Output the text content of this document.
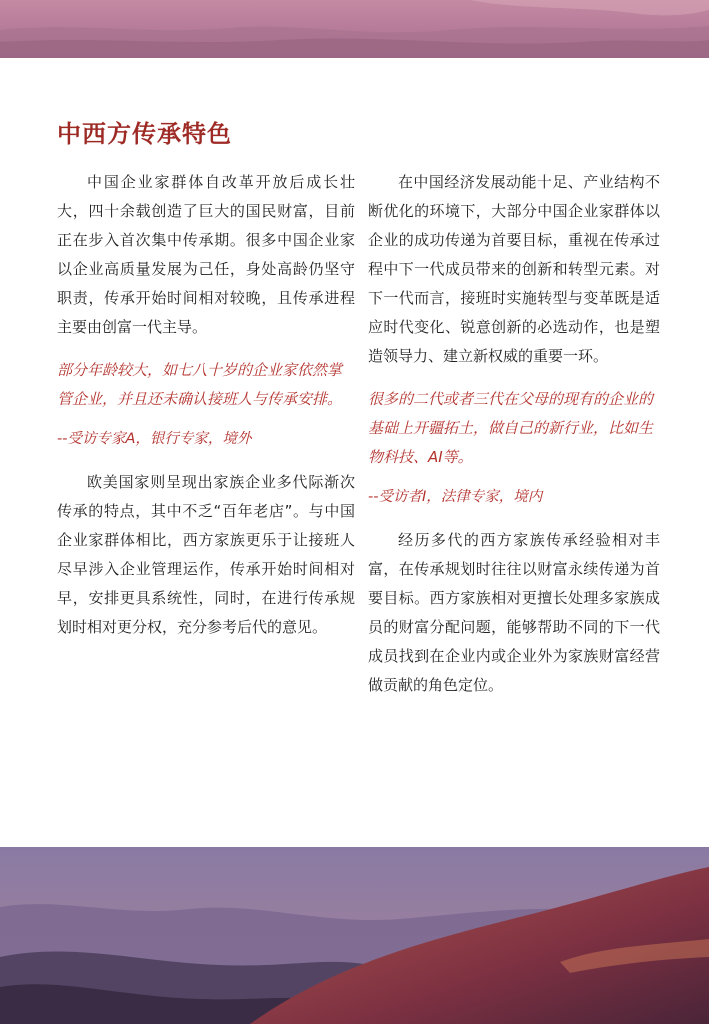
中西方传承特色

中国企业家群体自改革开放后成长壮大，四十余载创造了巨大的国民财富，目前正在步入首次集中传承期。很多中国企业家以企业高质量发展为己任，身处高龄仍坚守职责，传承开始时间相对较晚，且传承进程主要由创富一代主导。

部分年龄较大，如七八十岁的企业家依然掌管企业，并且还未确认接班人与传承安排。

--受访专家A，银行专家，境外

欧美国家则呈现出家族企业多代际渐次传承的特点，其中不乏“百年老店”。与中国企业家群体相比，西方家族更乐于让接班人尽早涉入企业管理运作，传承开始时间相对早，安排更具系统性，同时，在进行传承规划时相对更分权，充分参考后代的意见。

在中国经济发展动能十足、产业结构不断优化的环境下，大部分中国企业家群体以企业的成功传递为首要目标，重视在传承过程中下一代成员带来的创新和转型元素。对下一代而言，接班时实施转型与变革既是适应时代变化、锐意创新的必选动作，也是塑造领导力、建立新权威的重要一环。

很多的二代或者三代在父母的现有的企业的基础上开疆拓土，做自己的新行业，比如生物科技、AI等。

--受访者I，法律专家，境内

经历多代的西方家族传承经验相对丰富，在传承规划时往往以财富永续传递为首要目标。西方家族相对更擅长处理多家族成员的财富分配问题，能够帮助不同的下一代成员找到在企业内或企业外为家族财富经营做贡献的角色定位。
